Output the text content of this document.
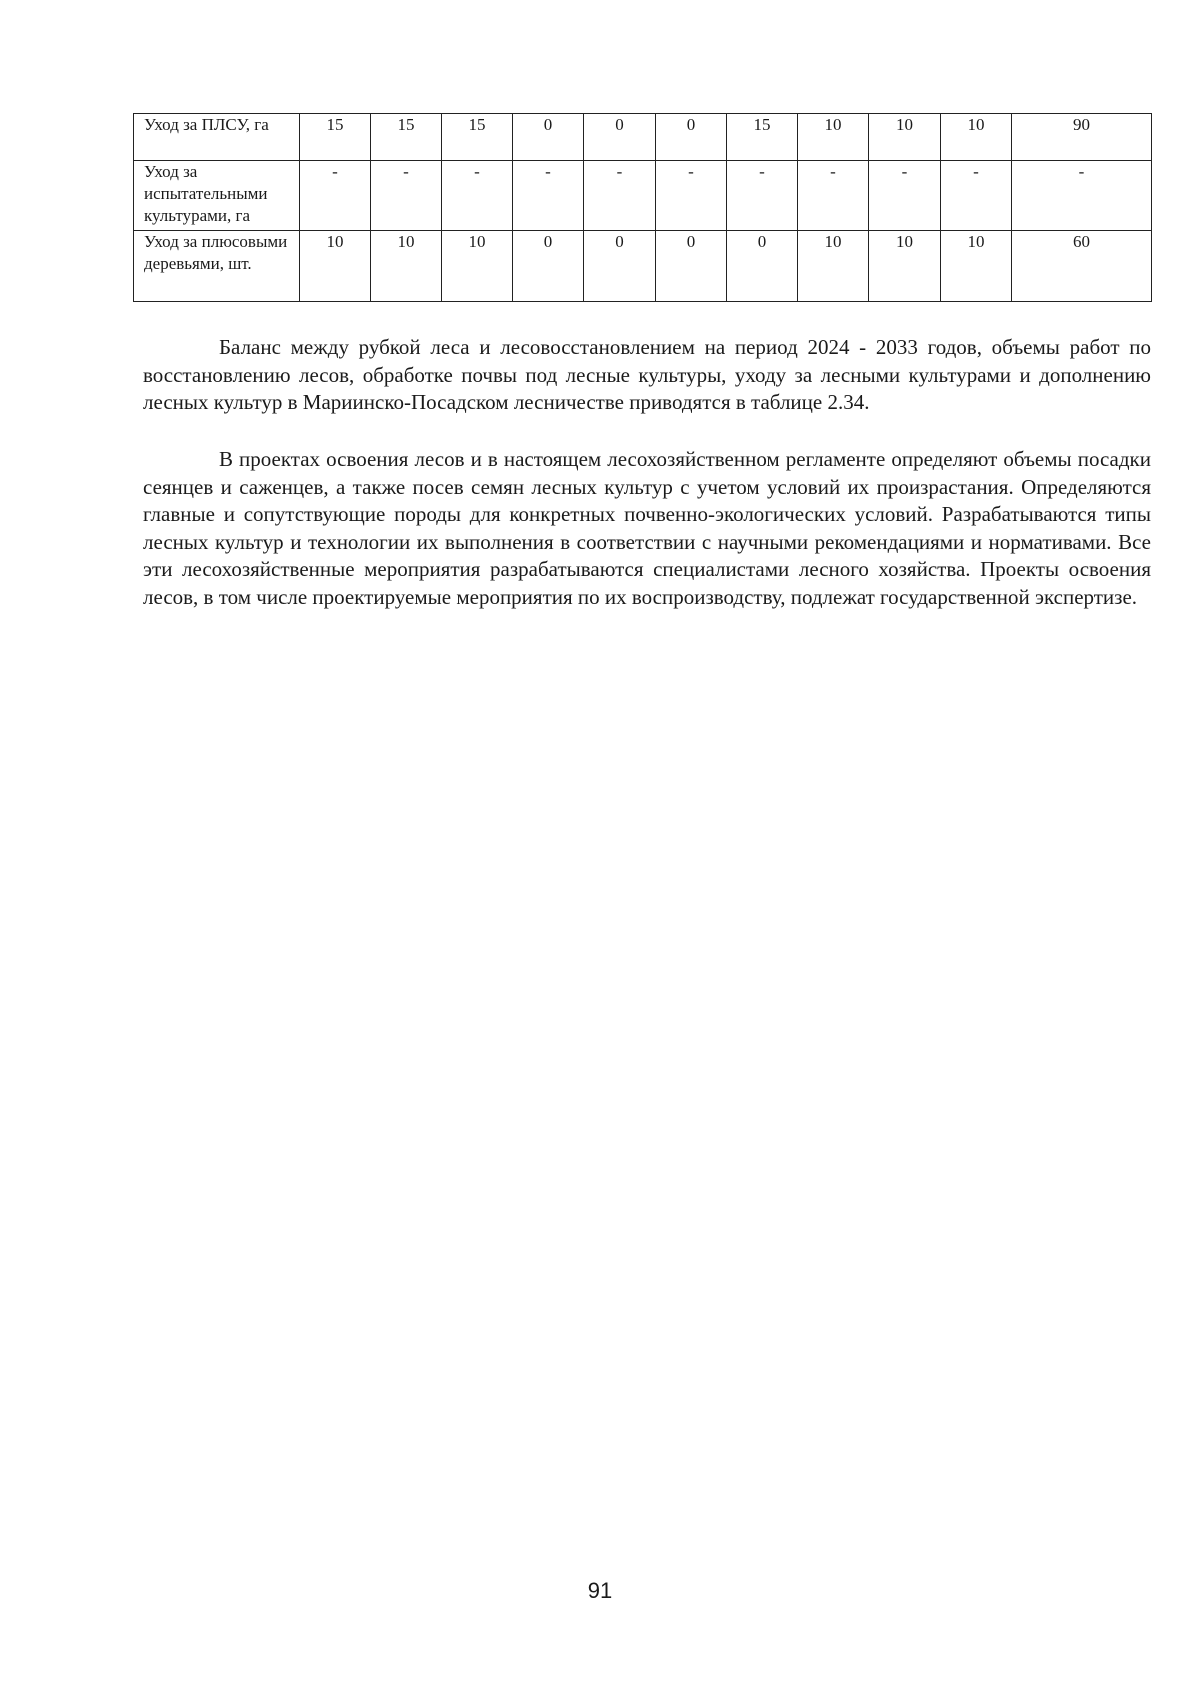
Уход за ПЛСУ, га	15	15	15	0	0	0	15	10	10	10	90
Уход за испытательными культурами, га	-	-	-	-	-	-	-	-	-	-	-
Уход за плюсовыми деревьями, шт.	10	10	10	0	0	0	0	10	10	10	60

Баланс между рубкой леса и лесовосстановлением на период 2024 - 2033 годов, объемы работ по восстановлению лесов, обработке почвы под лесные культуры, уходу за лесными культурами и дополнению лесных культур в Мариинско-Посадском лесничестве приводятся в таблице 2.34.

В проектах освоения лесов и в настоящем лесохозяйственном регламенте определяют объемы посадки сеянцев и саженцев, а также посев семян лесных культур с учетом условий их произрастания. Определяются главные и сопутствующие породы для конкретных почвенно-экологических условий. Разрабатываются типы лесных культур и технологии их выполнения в соответствии с научными рекомендациями и нормативами. Все эти лесохозяйственные мероприятия разрабатываются специалистами лесного хозяйства. Проекты освоения лесов, в том числе проектируемые мероприятия по их воспроизводству, подлежат государственной экспертизе.

91
